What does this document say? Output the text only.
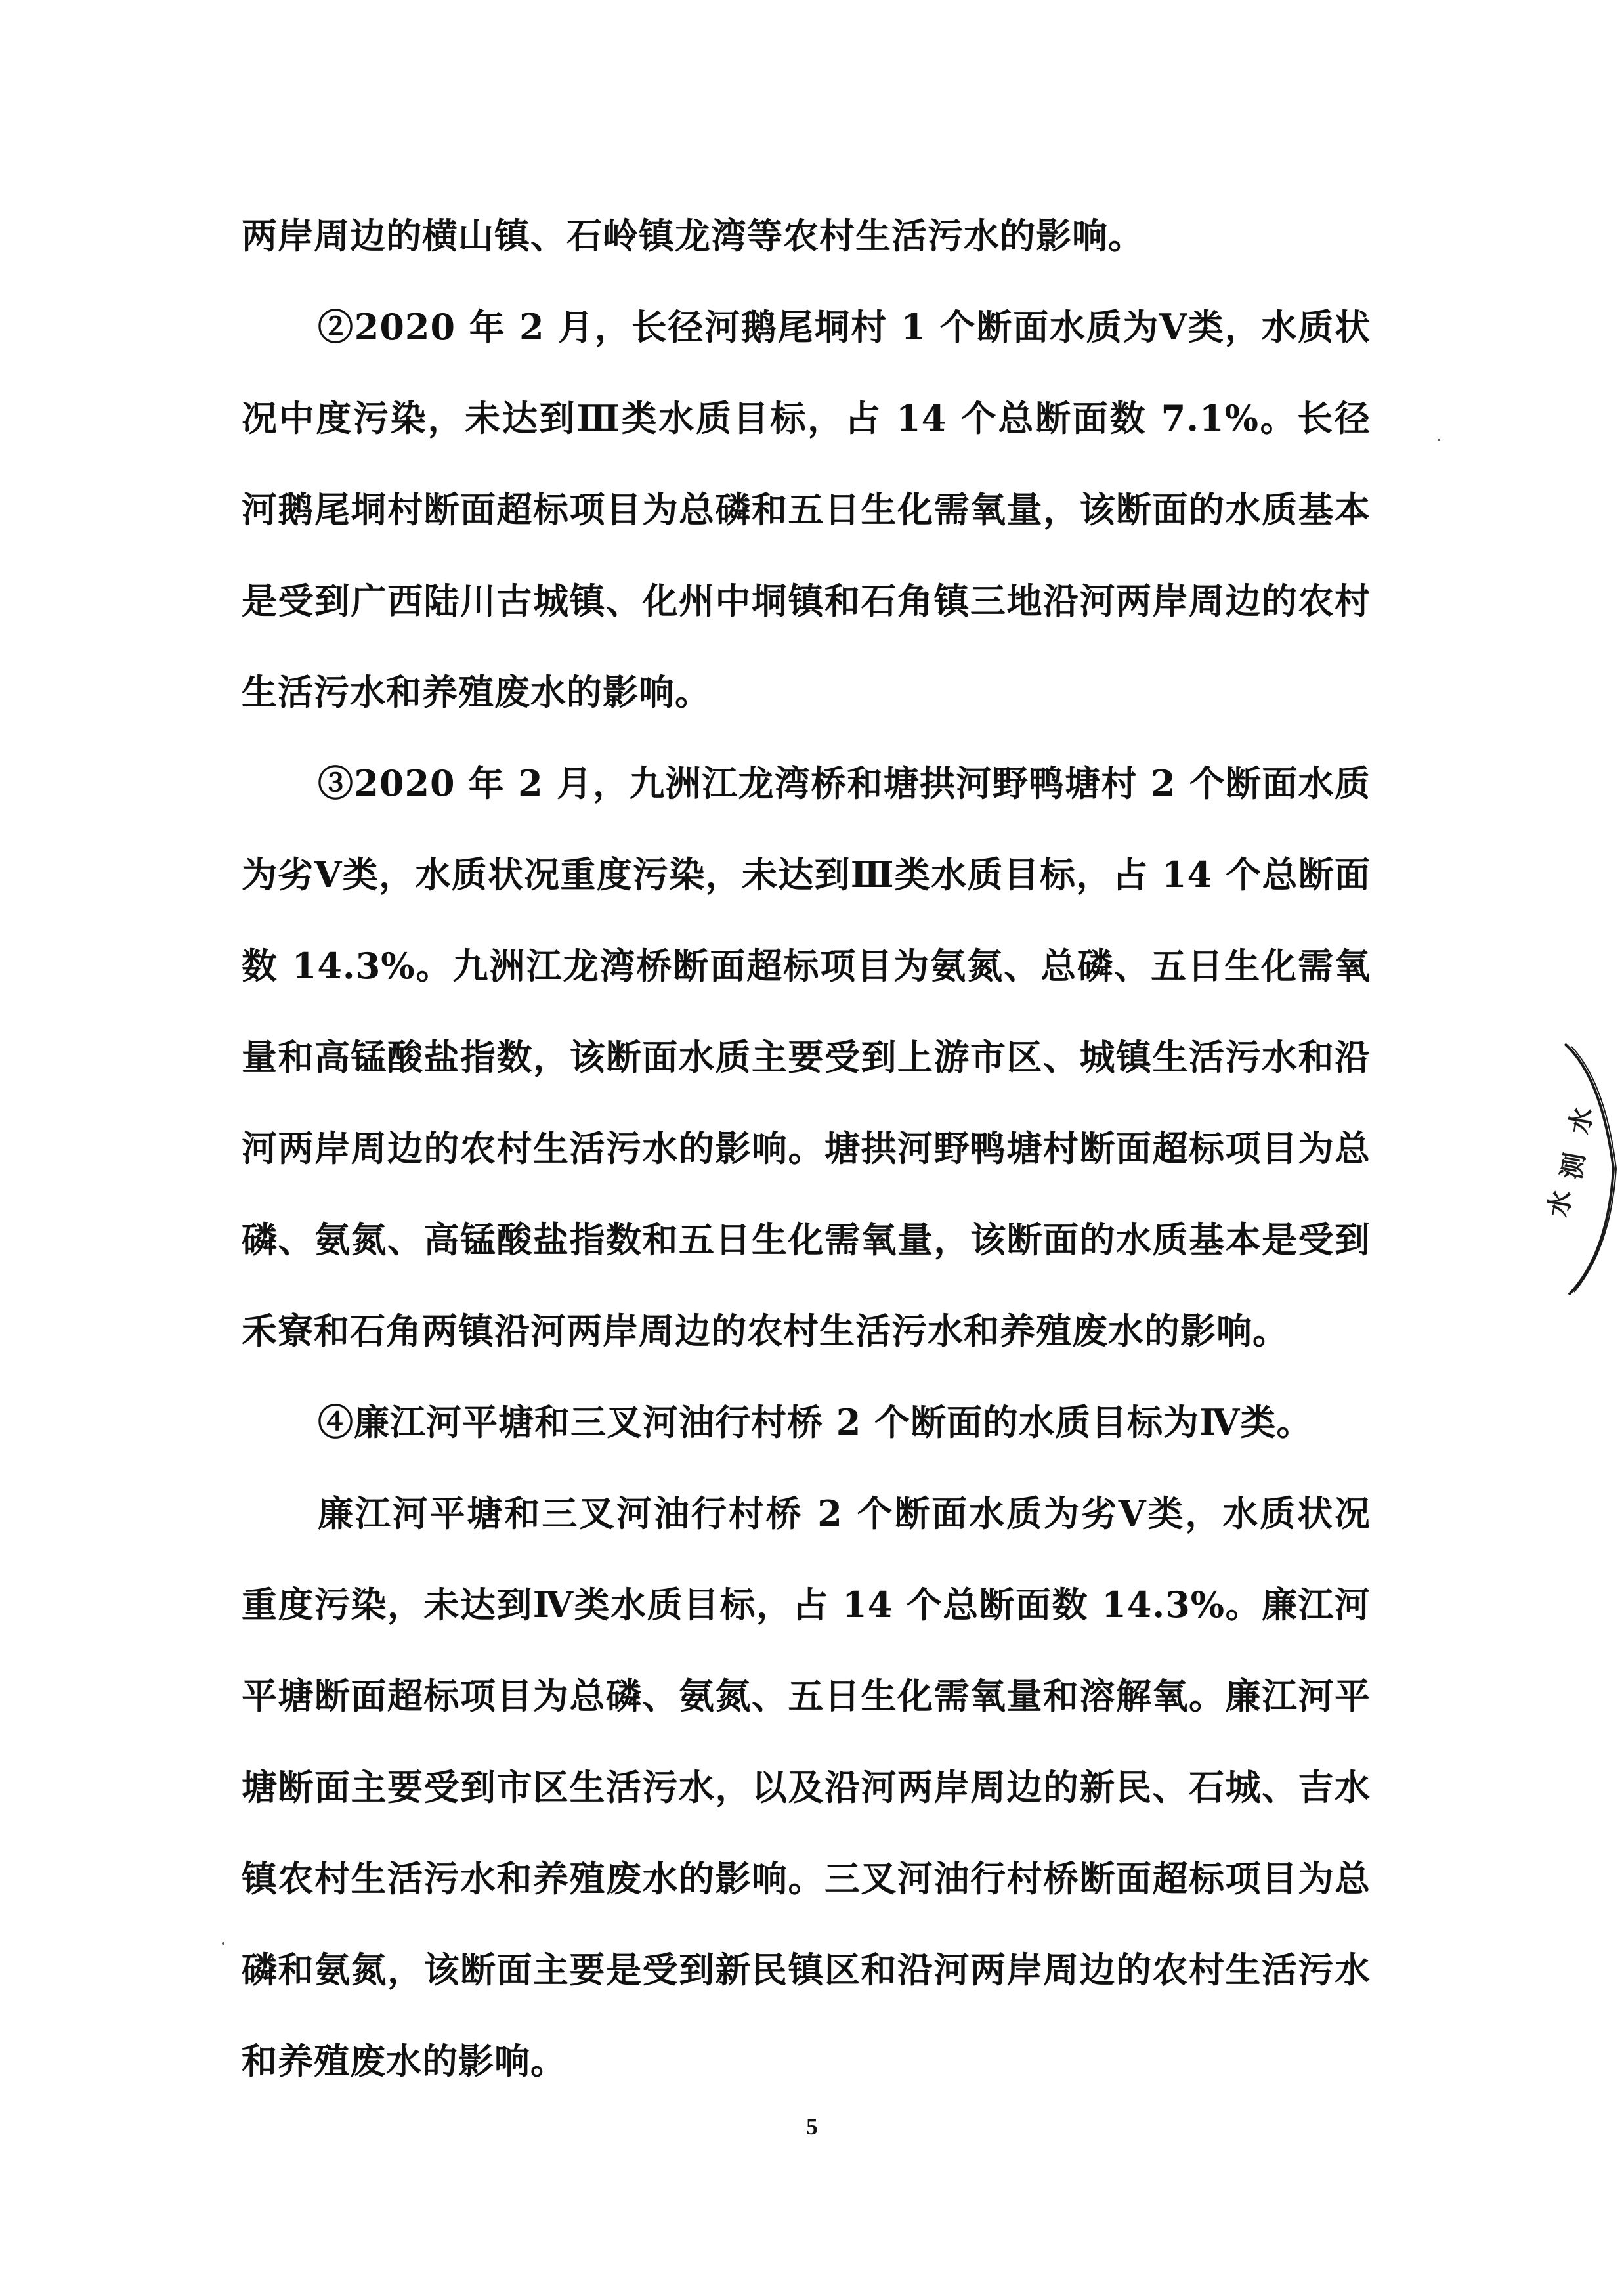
两岸周边的横山镇、石岭镇龙湾等农村生活污水的影响。

②2020 年 2 月，长径河鹅尾垌村 1 个断面水质为Ⅴ类，水质状况中度污染，未达到Ⅲ类水质目标，占 14 个总断面数 7.1%。长径河鹅尾垌村断面超标项目为总磷和五日生化需氧量，该断面的水质基本是受到广西陆川古城镇、化州中垌镇和石角镇三地沿河两岸周边的农村生活污水和养殖废水的影响。

③2020 年 2 月，九洲江龙湾桥和塘拱河野鸭塘村 2 个断面水质为劣Ⅴ类，水质状况重度污染，未达到Ⅲ类水质目标，占 14 个总断面数 14.3%。九洲江龙湾桥断面超标项目为氨氮、总磷、五日生化需氧量和高锰酸盐指数，该断面水质主要受到上游市区、城镇生活污水和沿河两岸周边的农村生活污水的影响。塘拱河野鸭塘村断面超标项目为总磷、氨氮、高锰酸盐指数和五日生化需氧量，该断面的水质基本是受到禾寮和石角两镇沿河两岸周边的农村生活污水和养殖废水的影响。

④廉江河平塘和三叉河油行村桥 2 个断面的水质目标为Ⅳ类。

廉江河平塘和三叉河油行村桥 2 个断面水质为劣Ⅴ类，水质状况重度污染，未达到Ⅳ类水质目标，占 14 个总断面数 14.3%。廉江河平塘断面超标项目为总磷、氨氮、五日生化需氧量和溶解氧。廉江河平塘断面主要受到市区生活污水，以及沿河两岸周边的新民、石城、吉水镇农村生活污水和养殖废水的影响。三叉河油行村桥断面超标项目为总磷和氨氮，该断面主要是受到新民镇区和沿河两岸周边的农村生活污水和养殖废水的影响。

水
测
水
5
